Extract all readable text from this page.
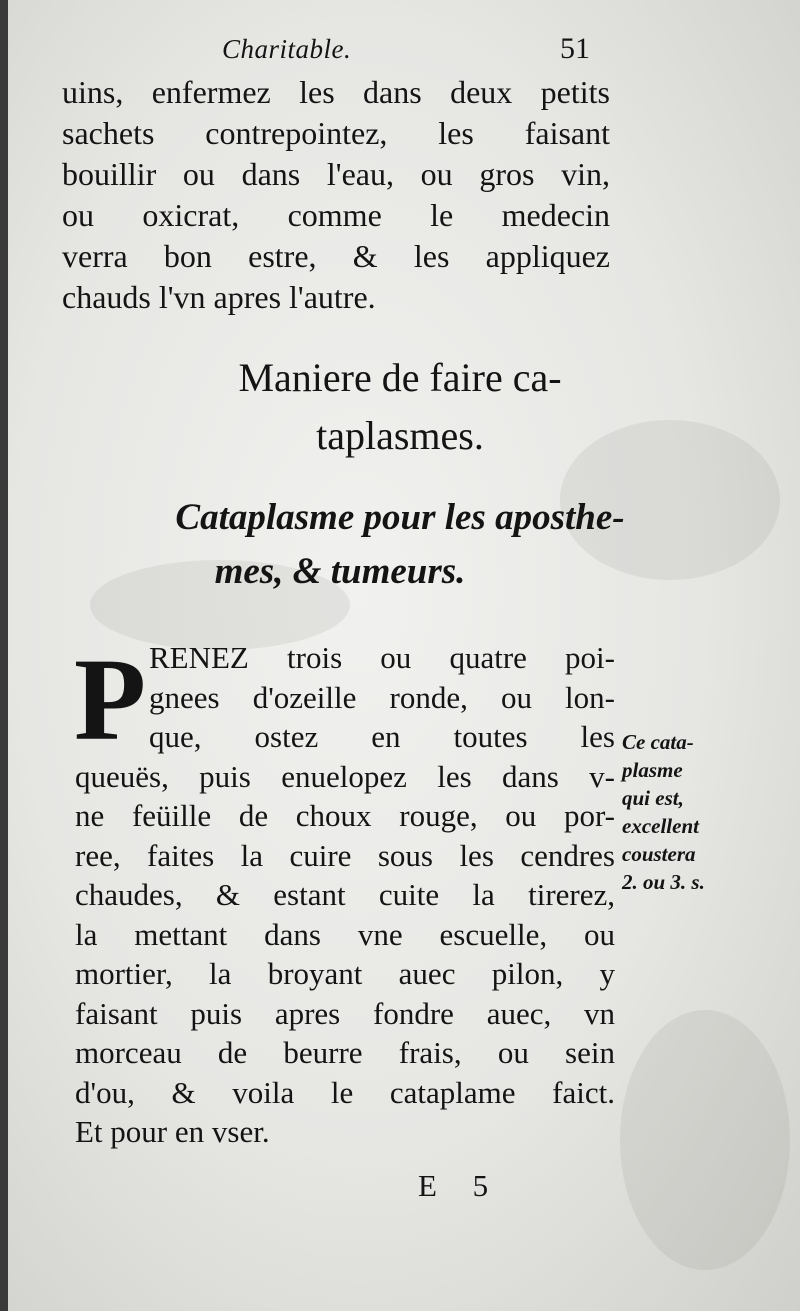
Charitable.	51
uins, enfermez les dans deux petits
sachets contrepointez, les faisant
bouillir ou dans l'eau, ou gros vin,
ou oxicrat, comme le medecin
verra bon estre, & les appliquez
chauds l'vn apres l'autre.
Maniere de faire ca-
taplasmes.
Cataplasme pour les aposthe-
mes, & tumeurs.
P RENEZ trois ou quatre poi-
gnees d'ozeille ronde, ou lon-
que, ostez en toutes les
queuës, puis enuelopez les dans v-
ne feüille de choux rouge, ou por-
ree, faites la cuire sous les cendres
chaudes, & estant cuite la tirerez,
la mettant dans vne escuelle, ou
mortier, la broyant auec pilon, y
faisant puis apres fondre auec, vn
morceau de beurre frais, ou sein
d'ou, & voila le cataplame faict.
Et pour en vser.
Ce cata-
plasme
qui est,
excellent
coustera
2. ou 3. s.
E 5
